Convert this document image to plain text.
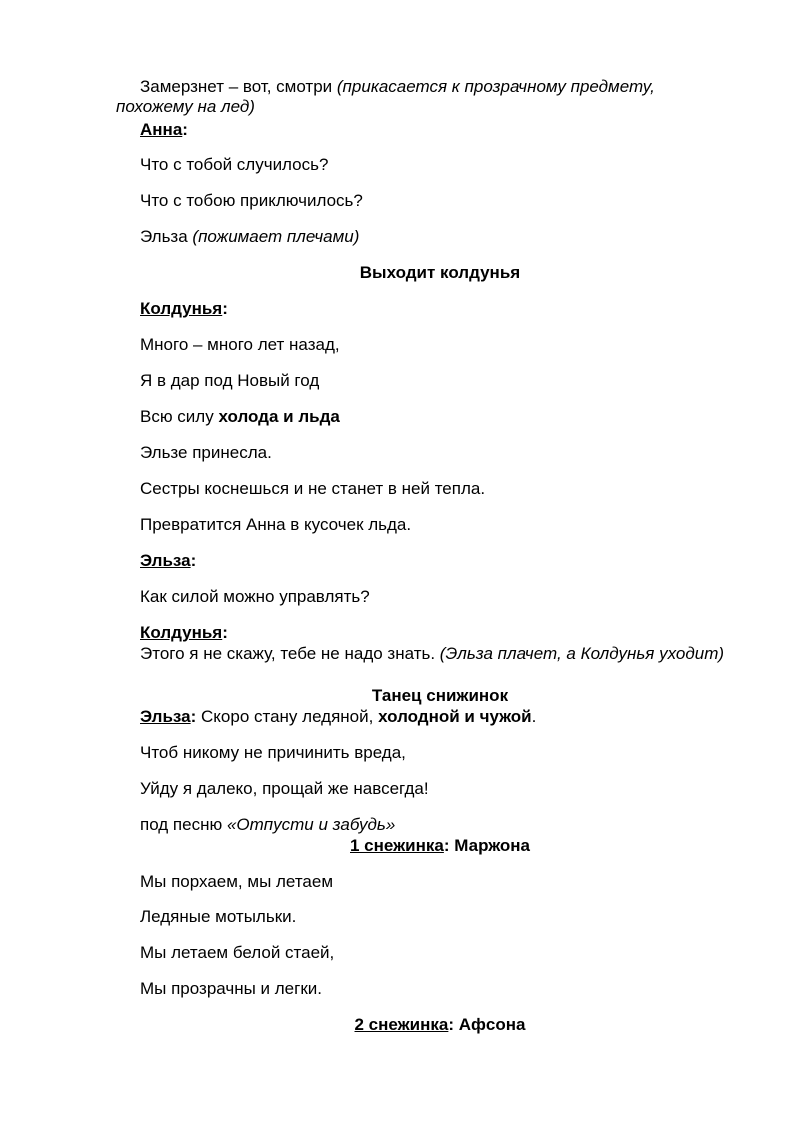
Замерзнет – вот, смотри (прикасается к прозрачному предмету, похожему на лед)
Анна:
Что с тобой случилось?
Что с тобою приключилось?
Эльза (пожимает плечами)
Выходит колдунья
Колдунья:
Много – много лет назад,
Я в дар под Новый год
Всю силу холода и льда
Эльзе принесла.
Сестры коснешься и не станет в ней тепла.
Превратится Анна в кусочек льда.
Эльза:
Как силой можно управлять?
Колдунья:
Этого я не скажу, тебе не надо знать. (Эльза плачет, а Колдунья уходит)
Танец снижинок
Эльза: Скоро стану ледяной, холодной и чужой.
Чтоб никому не причинить вреда,
Уйду я далеко, прощай же навсегда!
под песню «Отпусти и забудь»
1 снежинка: Маржона
Мы порхаем, мы летаем
Ледяные мотыльки.
Мы летаем белой стаей,
Мы прозрачны и легки.
2 снежинка: Афсона
